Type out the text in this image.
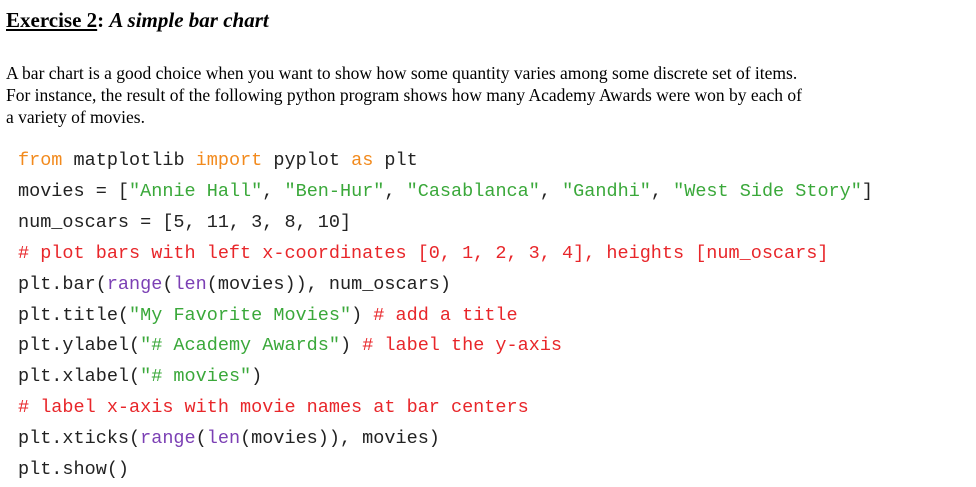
Exercise 2: A simple bar chart
A bar chart is a good choice when you want to show how some quantity varies among some discrete set of items.
For instance, the result of the following python program shows how many Academy Awards were won by each of
a variety of movies.
from matplotlib import pyplot as plt
movies = ["Annie Hall", "Ben-Hur", "Casablanca", "Gandhi", "West Side Story"]
num_oscars = [5, 11, 3, 8, 10]
# plot bars with left x-coordinates [0, 1, 2, 3, 4], heights [num_oscars]
plt.bar(range(len(movies)), num_oscars)
plt.title("My Favorite Movies") # add a title
plt.ylabel("# Academy Awards") # label the y-axis
plt.xlabel("# movies")
# label x-axis with movie names at bar centers
plt.xticks(range(len(movies)), movies)
plt.show()
